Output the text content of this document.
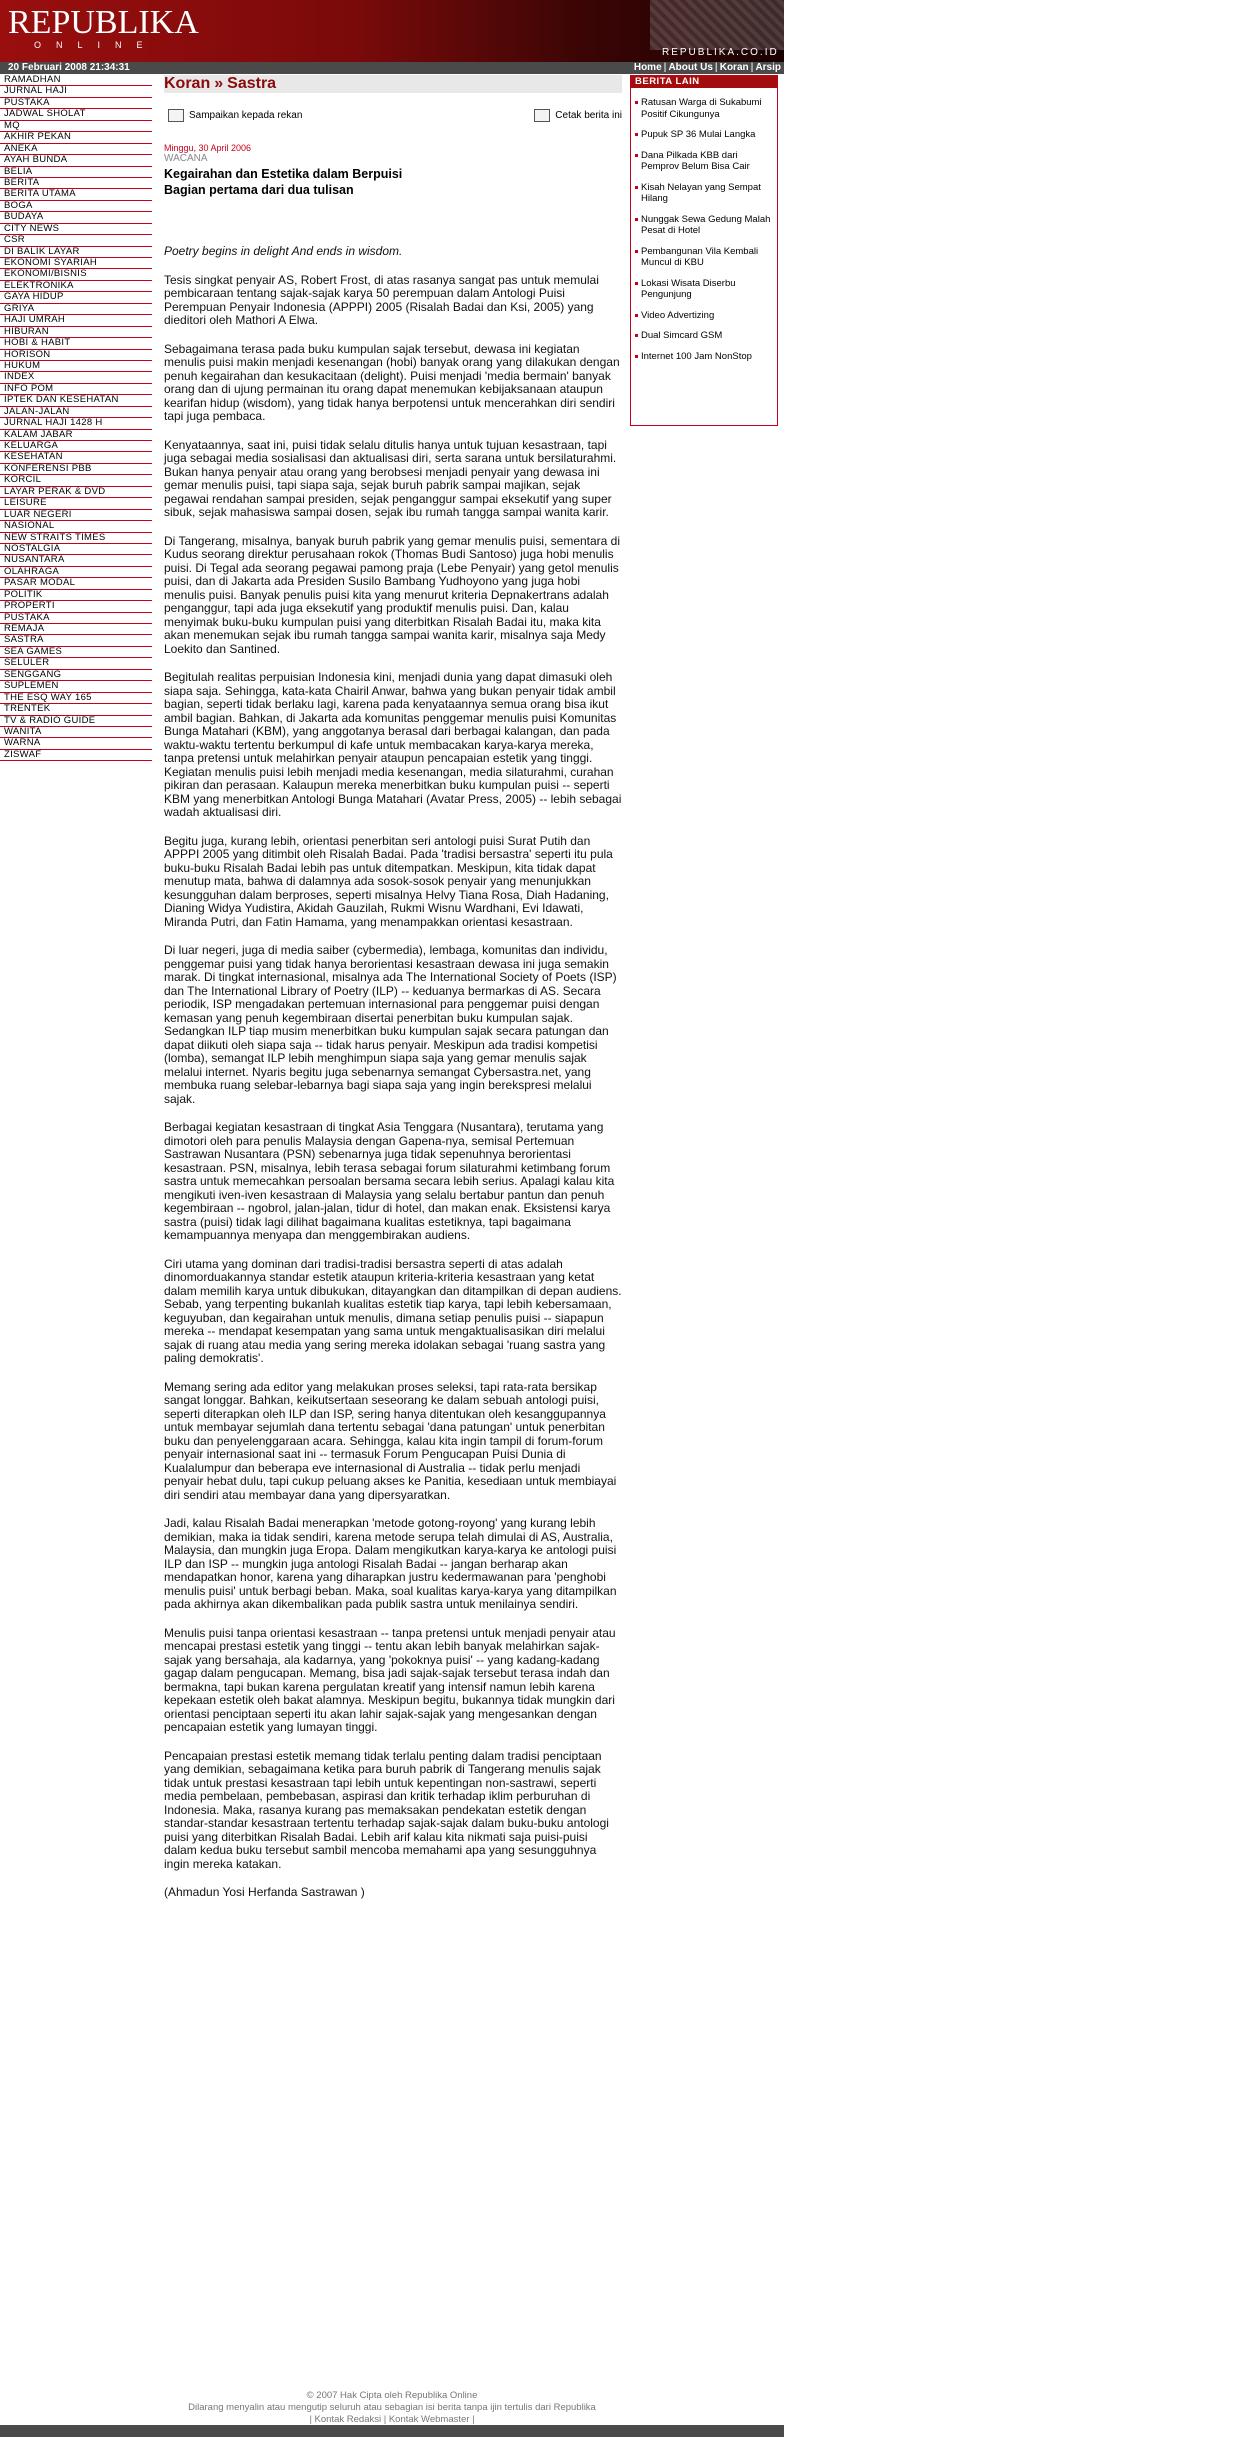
REPUBLIKA
ONLINE
REPUBLIKA.CO.ID
20 Februari 2008 21:34:31	Home | About Us | Koran | Arsip
RAMADHAN
JURNAL HAJI
PUSTAKA
JADWAL SHOLAT
MQ
AKHIR PEKAN
ANEKA
AYAH BUNDA
BELIA
BERITA
BERITA UTAMA
BOGA
BUDAYA
CITY NEWS
CSR
DI BALIK LAYAR
EKONOMI SYARIAH
EKONOMI/BISNIS
ELEKTRONIKA
GAYA HIDUP
GRIYA
HAJI UMRAH
HIBURAN
HOBI & HABIT
HORISON
HUKUM
INDEX
INFO POM
IPTEK DAN KESEHATAN
JALAN-JALAN
JURNAL HAJI 1428 H
KALAM JABAR
KELUARGA
KESEHATAN
KONFERENSI PBB
KORCIL
LAYAR PERAK & DVD
LEISURE
LUAR NEGERI
NASIONAL
NEW STRAITS TIMES
NOSTALGIA
NUSANTARA
OLAHRAGA
PASAR MODAL
POLITIK
PROPERTI
PUSTAKA
REMAJA
SASTRA
SEA GAMES
SELULER
SENGGANG
SUPLEMEN
THE ESQ WAY 165
TRENTEK
TV & RADIO GUIDE
WANITA
WARNA
ZISWAF
Koran » Sastra
Sampaikan kepada rekan	Cetak berita ini
Minggu, 30 April 2006
WACANA
Kegairahan dan Estetika dalam Berpuisi
Bagian pertama dari dua tulisan

Poetry begins in delight And ends in wisdom.

Tesis singkat penyair AS, Robert Frost, di atas rasanya sangat pas untuk memulai pembicaraan tentang sajak-sajak karya 50 perempuan dalam Antologi Puisi Perempuan Penyair Indonesia (APPPI) 2005 (Risalah Badai dan Ksi, 2005) yang dieditori oleh Mathori A Elwa.

Sebagaimana terasa pada buku kumpulan sajak tersebut, dewasa ini kegiatan menulis puisi makin menjadi kesenangan (hobi) banyak orang yang dilakukan dengan penuh kegairahan dan kesukacitaan (delight). Puisi menjadi 'media bermain' banyak orang dan di ujung permainan itu orang dapat menemukan kebijaksanaan ataupun kearifan hidup (wisdom), yang tidak hanya berpotensi untuk mencerahkan diri sendiri tapi juga pembaca.

Kenyataannya, saat ini, puisi tidak selalu ditulis hanya untuk tujuan kesastraan, tapi juga sebagai media sosialisasi dan aktualisasi diri, serta sarana untuk bersilaturahmi. Bukan hanya penyair atau orang yang berobsesi menjadi penyair yang dewasa ini gemar menulis puisi, tapi siapa saja, sejak buruh pabrik sampai majikan, sejak pegawai rendahan sampai presiden, sejak penganggur sampai eksekutif yang super sibuk, sejak mahasiswa sampai dosen, sejak ibu rumah tangga sampai wanita karir.

Di Tangerang, misalnya, banyak buruh pabrik yang gemar menulis puisi, sementara di Kudus seorang direktur perusahaan rokok (Thomas Budi Santoso) juga hobi menulis puisi. Di Tegal ada seorang pegawai pamong praja (Lebe Penyair) yang getol menulis puisi, dan di Jakarta ada Presiden Susilo Bambang Yudhoyono yang juga hobi menulis puisi. Banyak penulis puisi kita yang menurut kriteria Depnakertrans adalah penganggur, tapi ada juga eksekutif yang produktif menulis puisi. Dan, kalau menyimak buku-buku kumpulan puisi yang diterbitkan Risalah Badai itu, maka kita akan menemukan sejak ibu rumah tangga sampai wanita karir, misalnya saja Medy Loekito dan Santined.

Begitulah realitas perpuisian Indonesia kini, menjadi dunia yang dapat dimasuki oleh siapa saja. Sehingga, kata-kata Chairil Anwar, bahwa yang bukan penyair tidak ambil bagian, seperti tidak berlaku lagi, karena pada kenyataannya semua orang bisa ikut ambil bagian. Bahkan, di Jakarta ada komunitas penggemar menulis puisi Komunitas Bunga Matahari (KBM), yang anggotanya berasal dari berbagai kalangan, dan pada waktu-waktu tertentu berkumpul di kafe untuk membacakan karya-karya mereka, tanpa pretensi untuk melahirkan penyair ataupun pencapaian estetik yang tinggi. Kegiatan menulis puisi lebih menjadi media kesenangan, media silaturahmi, curahan pikiran dan perasaan. Kalaupun mereka menerbitkan buku kumpulan puisi -- seperti KBM yang menerbitkan Antologi Bunga Matahari (Avatar Press, 2005) -- lebih sebagai wadah aktualisasi diri.

Begitu juga, kurang lebih, orientasi penerbitan seri antologi puisi Surat Putih dan APPPI 2005 yang ditimbit oleh Risalah Badai. Pada 'tradisi bersastra' seperti itu pula buku-buku Risalah Badai lebih pas untuk ditempatkan. Meskipun, kita tidak dapat menutup mata, bahwa di dalamnya ada sosok-sosok penyair yang menunjukkan kesungguhan dalam berproses, seperti misalnya Helvy Tiana Rosa, Diah Hadaning, Dianing Widya Yudistira, Akidah Gauzilah, Rukmi Wisnu Wardhani, Evi Idawati, Miranda Putri, dan Fatin Hamama, yang menampakkan orientasi kesastraan.

Di luar negeri, juga di media saiber (cybermedia), lembaga, komunitas dan individu, penggemar puisi yang tidak hanya berorientasi kesastraan dewasa ini juga semakin marak. Di tingkat internasional, misalnya ada The International Society of Poets (ISP) dan The International Library of Poetry (ILP) -- keduanya bermarkas di AS. Secara periodik, ISP mengadakan pertemuan internasional para penggemar puisi dengan kemasan yang penuh kegembiraan disertai penerbitan buku kumpulan sajak. Sedangkan ILP tiap musim menerbitkan buku kumpulan sajak secara patungan dan dapat diikuti oleh siapa saja -- tidak harus penyair. Meskipun ada tradisi kompetisi (lomba), semangat ILP lebih menghimpun siapa saja yang gemar menulis sajak melalui internet. Nyaris begitu juga sebenarnya semangat Cybersastra.net, yang membuka ruang selebar-lebarnya bagi siapa saja yang ingin berekspresi melalui sajak.

Berbagai kegiatan kesastraan di tingkat Asia Tenggara (Nusantara), terutama yang dimotori oleh para penulis Malaysia dengan Gapena-nya, semisal Pertemuan Sastrawan Nusantara (PSN) sebenarnya juga tidak sepenuhnya berorientasi kesastraan. PSN, misalnya, lebih terasa sebagai forum silaturahmi ketimbang forum sastra untuk memecahkan persoalan bersama secara lebih serius. Apalagi kalau kita mengikuti iven-iven kesastraan di Malaysia yang selalu bertabur pantun dan penuh kegembiraan -- ngobrol, jalan-jalan, tidur di hotel, dan makan enak. Eksistensi karya sastra (puisi) tidak lagi dilihat bagaimana kualitas estetiknya, tapi bagaimana kemampuannya menyapa dan menggembirakan audiens.

Ciri utama yang dominan dari tradisi-tradisi bersastra seperti di atas adalah dinomorduakannya standar estetik ataupun kriteria-kriteria kesastraan yang ketat dalam memilih karya untuk dibukukan, ditayangkan dan ditampilkan di depan audiens. Sebab, yang terpenting bukanlah kualitas estetik tiap karya, tapi lebih kebersamaan, keguyuban, dan kegairahan untuk menulis, dimana setiap penulis puisi -- siapapun mereka -- mendapat kesempatan yang sama untuk mengaktualisasikan diri melalui sajak di ruang atau media yang sering mereka idolakan sebagai 'ruang sastra yang paling demokratis'.

Memang sering ada editor yang melakukan proses seleksi, tapi rata-rata bersikap sangat longgar. Bahkan, keikutsertaan seseorang ke dalam sebuah antologi puisi, seperti diterapkan oleh ILP dan ISP, sering hanya ditentukan oleh kesanggupannya untuk membayar sejumlah dana tertentu sebagai 'dana patungan' untuk penerbitan buku dan penyelenggaraan acara. Sehingga, kalau kita ingin tampil di forum-forum penyair internasional saat ini -- termasuk Forum Pengucapan Puisi Dunia di Kualalumpur dan beberapa eve internasional di Australia -- tidak perlu menjadi penyair hebat dulu, tapi cukup peluang akses ke Panitia, kesediaan untuk membiayai diri sendiri atau membayar dana yang dipersyaratkan.

Jadi, kalau Risalah Badai menerapkan 'metode gotong-royong' yang kurang lebih demikian, maka ia tidak sendiri, karena metode serupa telah dimulai di AS, Australia, Malaysia, dan mungkin juga Eropa. Dalam mengikutkan karya-karya ke antologi puisi ILP dan ISP -- mungkin juga antologi Risalah Badai -- jangan berharap akan mendapatkan honor, karena yang diharapkan justru kedermawanan para 'penghobi menulis puisi' untuk berbagi beban. Maka, soal kualitas karya-karya yang ditampilkan pada akhirnya akan dikembalikan pada publik sastra untuk menilainya sendiri.

Menulis puisi tanpa orientasi kesastraan -- tanpa pretensi untuk menjadi penyair atau mencapai prestasi estetik yang tinggi -- tentu akan lebih banyak melahirkan sajak-sajak yang bersahaja, ala kadarnya, yang 'pokoknya puisi' -- yang kadang-kadang gagap dalam pengucapan. Memang, bisa jadi sajak-sajak tersebut terasa indah dan bermakna, tapi bukan karena pergulatan kreatif yang intensif namun lebih karena kepekaan estetik oleh bakat alamnya. Meskipun begitu, bukannya tidak mungkin dari orientasi penciptaan seperti itu akan lahir sajak-sajak yang mengesankan dengan pencapaian estetik yang lumayan tinggi.

Pencapaian prestasi estetik memang tidak terlalu penting dalam tradisi penciptaan yang demikian, sebagaimana ketika para buruh pabrik di Tangerang menulis sajak tidak untuk prestasi kesastraan tapi lebih untuk kepentingan non-sastrawi, seperti media pembelaan, pembebasan, aspirasi dan kritik terhadap iklim perburuhan di Indonesia. Maka, rasanya kurang pas memaksakan pendekatan estetik dengan standar-standar kesastraan tertentu terhadap sajak-sajak dalam buku-buku antologi puisi yang diterbitkan Risalah Badai. Lebih arif kalau kita nikmati saja puisi-puisi dalam kedua buku tersebut sambil mencoba memahami apa yang sesungguhnya ingin mereka katakan.

(Ahmadun Yosi Herfanda Sastrawan )

BERITA LAIN
Ratusan Warga di Sukabumi Positif Cikungunya
Pupuk SP 36 Mulai Langka
Dana Pilkada KBB dari Pemprov Belum Bisa Cair
Kisah Nelayan yang Sempat Hilang
Nunggak Sewa Gedung Malah Pesat di Hotel
Pembangunan Vila Kembali Muncul di KBU
Lokasi Wisata Diserbu Pengunjung
Video Advertizing
Dual Simcard GSM
Internet 100 Jam NonStop
© 2007 Hak Cipta oleh Republika Online
Dilarang menyalin atau mengutip seluruh atau sebagian isi berita tanpa ijin tertulis dari Republika
| Kontak Redaksi | Kontak Webmaster |
